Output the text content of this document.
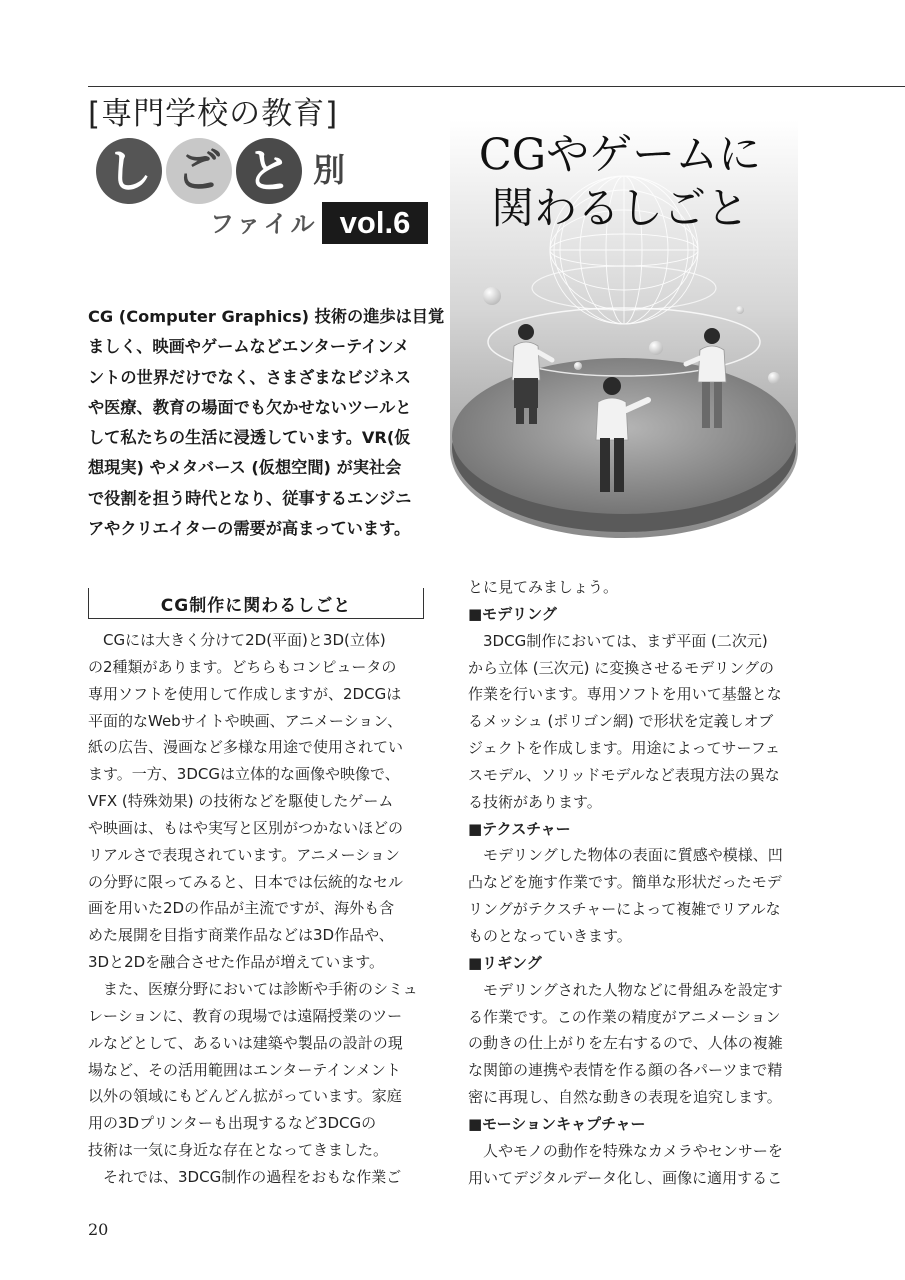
[専門学校の教育]
し ご と 別
ファイル vol.6
CGやゲームに
関わるしごと
CG (Computer Graphics) 技術の進歩は目覚
ましく、映画やゲームなどエンターテインメ
ントの世界だけでなく、さまざまなビジネス
や医療、教育の場面でも欠かせないツールと
して私たちの生活に浸透しています。VR(仮
想現実) やメタバース (仮想空間) が実社会
で役割を担う時代となり、従事するエンジニ
アやクリエイターの需要が高まっています。
CG制作に関わるしごと
　CGには大きく分けて2D(平面)と3D(立体)
の2種類があります。どちらもコンピュータの
専用ソフトを使用して作成しますが、2DCGは
平面的なWebサイトや映画、アニメーション、
紙の広告、漫画など多様な用途で使用されてい
ます。一方、3DCGは立体的な画像や映像で、
VFX (特殊効果) の技術などを駆使したゲーム
や映画は、もはや実写と区別がつかないほどの
リアルさで表現されています。アニメーション
の分野に限ってみると、日本では伝統的なセル
画を用いた2Dの作品が主流ですが、海外も含
めた展開を目指す商業作品などは3D作品や、
3Dと2Dを融合させた作品が増えています。
　また、医療分野においては診断や手術のシミュ
レーションに、教育の現場では遠隔授業のツー
ルなどとして、あるいは建築や製品の設計の現
場など、その活用範囲はエンターテインメント
以外の領域にもどんどん拡がっています。家庭
用の3Dプリンターも出現するなど3DCGの
技術は一気に身近な存在となってきました。
　それでは、3DCG制作の過程をおもな作業ご
とに見てみましょう。
■モデリング
　3DCG制作においては、まず平面 (二次元)
から立体 (三次元) に変換させるモデリングの
作業を行います。専用ソフトを用いて基盤とな
るメッシュ (ポリゴン網) で形状を定義しオブ
ジェクトを作成します。用途によってサーフェ
スモデル、ソリッドモデルなど表現方法の異な
る技術があります。
■テクスチャー
　モデリングした物体の表面に質感や模様、凹
凸などを施す作業です。簡単な形状だったモデ
リングがテクスチャーによって複雑でリアルな
ものとなっていきます。
■リギング
　モデリングされた人物などに骨組みを設定す
る作業です。この作業の精度がアニメーション
の動きの仕上がりを左右するので、人体の複雑
な関節の連携や表情を作る顔の各パーツまで精
密に再現し、自然な動きの表現を追究します。
■モーションキャプチャー
　人やモノの動作を特殊なカメラやセンサーを
用いてデジタルデータ化し、画像に適用するこ
20
